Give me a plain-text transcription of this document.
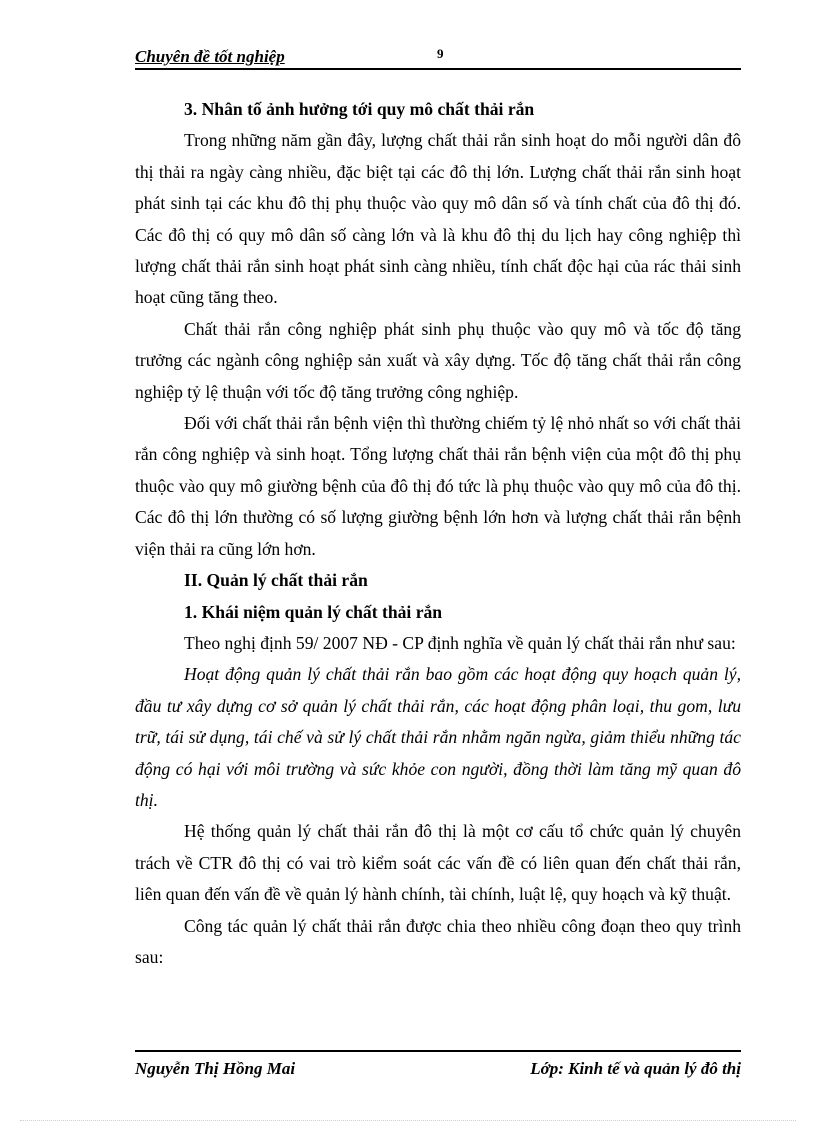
Chuyên đề tốt nghiệp	9

3. Nhân tố ảnh hưởng tới quy mô chất thải rắn

Trong những năm gần đây, lượng chất thải rắn sinh hoạt do mỗi người dân đô thị thải ra ngày càng nhiều, đặc biệt tại các đô thị lớn. Lượng chất thải rắn sinh hoạt phát sinh tại các khu đô thị phụ thuộc vào quy mô dân số và tính chất của đô thị đó. Các đô thị có quy mô dân số càng lớn và là khu đô thị du lịch hay công nghiệp thì lượng chất thải rắn sinh hoạt phát sinh càng nhiều, tính chất độc hại của rác thải sinh hoạt cũng tăng theo.

Chất thải rắn công nghiệp phát sinh phụ thuộc vào quy mô và tốc độ tăng trưởng các ngành công nghiệp sản xuất và xây dựng. Tốc độ tăng chất thải rắn công nghiệp tỷ lệ thuận với tốc độ tăng trưởng công nghiệp.

Đối với chất thải rắn bệnh viện thì thường chiếm tỷ lệ nhỏ nhất so với chất thải rắn công nghiệp và sinh hoạt. Tổng lượng chất thải rắn bệnh viện của một đô thị phụ thuộc vào quy mô giường bệnh của đô thị đó tức là phụ thuộc vào quy mô của đô thị. Các đô thị lớn thường có số lượng giường bệnh lớn hơn và lượng chất thải rắn bệnh viện thải ra cũng lớn hơn.

II. Quản lý chất thải rắn

1. Khái niệm quản lý chất thải rắn

Theo nghị định 59/ 2007 NĐ - CP định nghĩa về quản lý chất thải rắn như sau:

Hoạt động quản lý chất thải rắn bao gồm các hoạt động quy hoạch quản lý, đầu tư xây dựng cơ sở quản lý chất thải rắn, các hoạt động phân loại, thu gom, lưu trữ, tái sử dụng, tái chế và sử lý chất thải rắn nhằm ngăn ngừa, giảm thiểu những tác động có hại với môi trường và sức khỏe con người, đồng thời làm tăng mỹ quan đô thị.

Hệ thống quản lý chất thải rắn đô thị là một cơ cấu tổ chức quản lý chuyên trách về CTR đô thị có vai trò kiểm soát các vấn đề có liên quan đến chất thải rắn, liên quan đến vấn đề về quản lý hành chính, tài chính, luật lệ, quy hoạch và kỹ thuật.

Công tác quản lý chất thải rắn được chia theo nhiều công đoạn theo quy trình sau:

Nguyễn Thị Hồng Mai	Lớp: Kinh tế và quản lý đô thị
